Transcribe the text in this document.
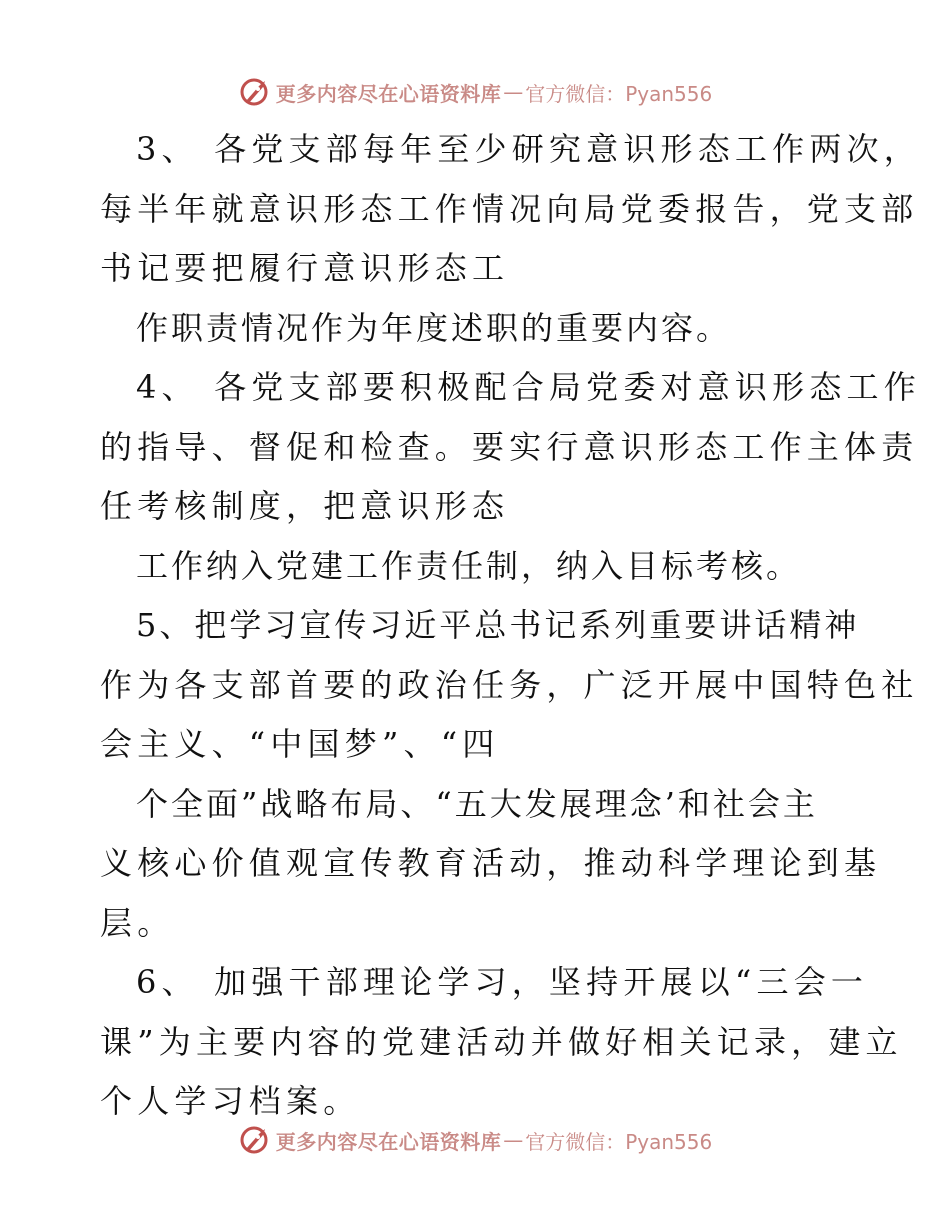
更多内容尽在心语资料库 — 官方微信：Pyan556

3、 各党支部每年至少研究意识形态工作两次，

每半年就意识形态工作情况向局党委报告，党支部

书记要把履行意识形态工

作职责情况作为年度述职的重要内容。

4、 各党支部要积极配合局党委对意识形态工作

的指导、督促和检查。要实行意识形态工作主体责

任考核制度，把意识形态

工作纳入党建工作责任制，纳入目标考核。

5、把学习宣传习近平总书记系列重要讲话精神

作为各支部首要的政治任务，广泛开展中国特色社

会主义、“中国梦”、“四

个全面”战略布局、“五大发展理念’和社会主

义核心价值观宣传教育活动，推动科学理论到基

层。

6、 加强干部理论学习，坚持开展以“三会一

课”为主要内容的党建活动并做好相关记录，建立

个人学习档案。

更多内容尽在心语资料库 — 官方微信：Pyan556
